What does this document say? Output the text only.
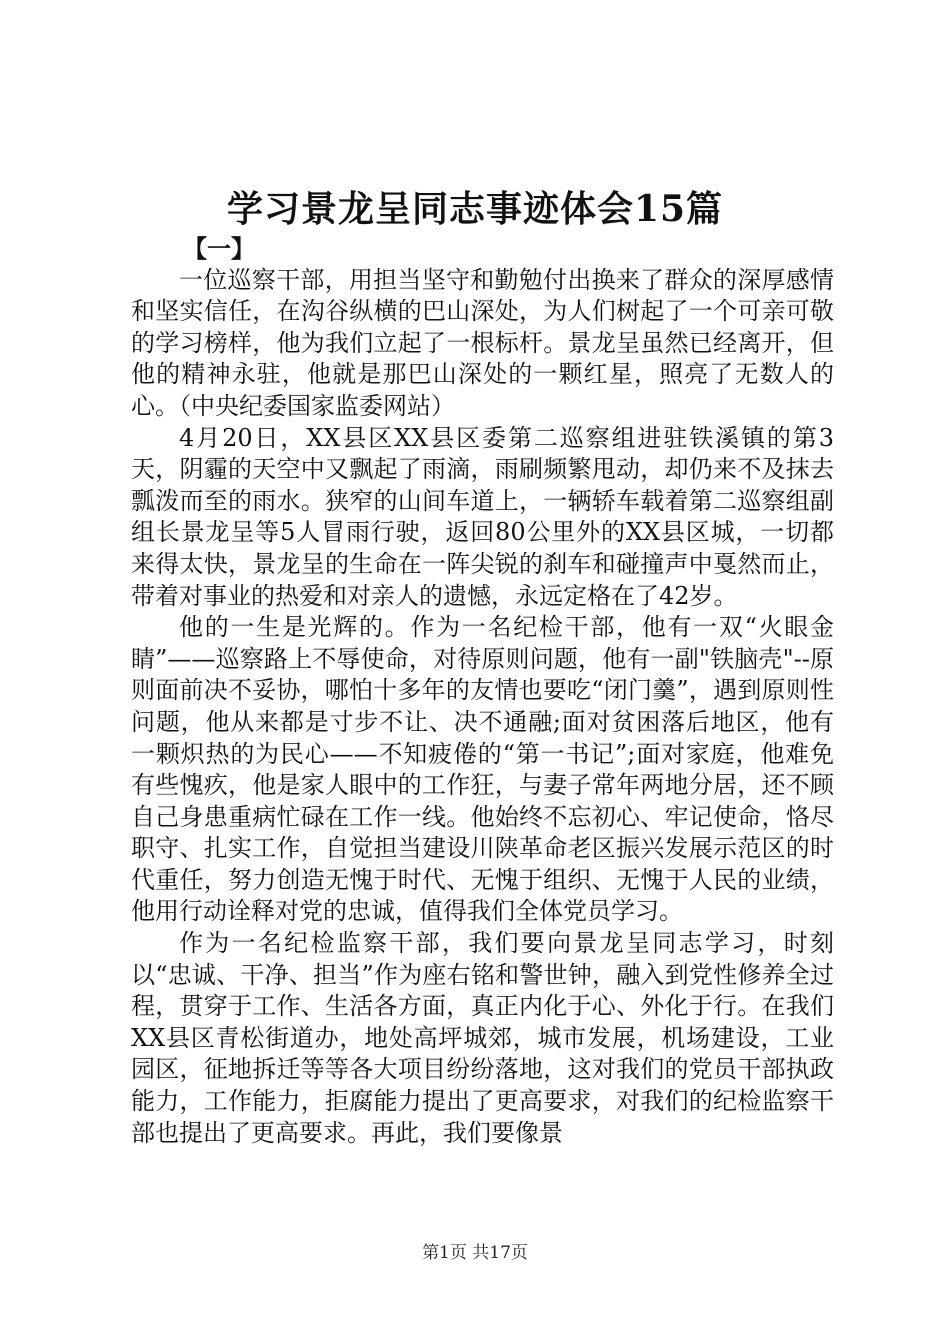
学习景龙呈同志事迹体会15篇

【一】

一位巡察干部，用担当坚守和勤勉付出换来了群众的深厚感情和坚实信任，在沟谷纵横的巴山深处，为人们树起了一个可亲可敬的学习榜样，他为我们立起了一根标杆。景龙呈虽然已经离开，但他的精神永驻，他就是那巴山深处的一颗红星，照亮了无数人的心。（中央纪委国家监委网站）

4月20日，XX县区XX县区委第二巡察组进驻铁溪镇的第3天，阴霾的天空中又飘起了雨滴，雨刷频繁甩动，却仍来不及抹去瓢泼而至的雨水。狭窄的山间车道上，一辆轿车载着第二巡察组副组长景龙呈等5人冒雨行驶，返回80公里外的XX县区城，一切都来得太快，景龙呈的生命在一阵尖锐的刹车和碰撞声中戛然而止，带着对事业的热爱和对亲人的遗憾，永远定格在了42岁。

他的一生是光辉的。作为一名纪检干部，他有一双“火眼金睛”——巡察路上不辱使命，对待原则问题，他有一副"铁脑壳"--原则面前决不妥协，哪怕十多年的友情也要吃“闭门羹”，遇到原则性问题，他从来都是寸步不让、决不通融;面对贫困落后地区，他有一颗炽热的为民心——不知疲倦的“第一书记”;面对家庭，他难免有些愧疚，他是家人眼中的工作狂，与妻子常年两地分居，还不顾自己身患重病忙碌在工作一线。他始终不忘初心、牢记使命，恪尽职守、扎实工作，自觉担当建设川陕革命老区振兴发展示范区的时代重任，努力创造无愧于时代、无愧于组织、无愧于人民的业绩，他用行动诠释对党的忠诚，值得我们全体党员学习。

作为一名纪检监察干部，我们要向景龙呈同志学习，时刻以“忠诚、干净、担当”作为座右铭和警世钟，融入到党性修养全过程，贯穿于工作、生活各方面，真正内化于心、外化于行。在我们XX县区青松街道办，地处高坪城郊，城市发展，机场建设，工业园区，征地拆迁等等各大项目纷纷落地，这对我们的党员干部执政能力，工作能力，拒腐能力提出了更高要求，对我们的纪检监察干部也提出了更高要求。再此，我们要像景

第1页 共17页
